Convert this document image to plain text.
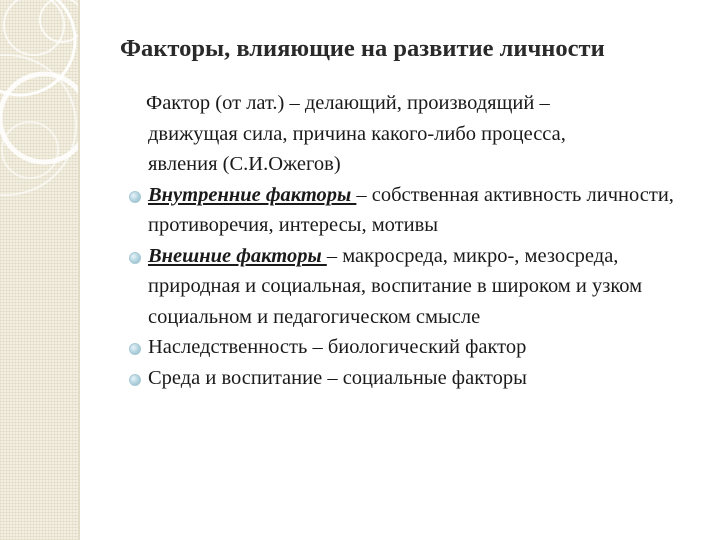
Факторы, влияющие на развитие личности
Фактор (от лат.) – делающий, производящий –
движущая сила, причина какого-либо процесса,
явления (С.И.Ожегов)
Внутренние факторы – собственная активность личности, противоречия, интересы, мотивы
Внешние факторы – макросреда, микро-, мезосреда, природная и социальная, воспитание в широком и узком социальном и педагогическом смысле
Наследственность – биологический фактор
Среда и воспитание – социальные факторы
